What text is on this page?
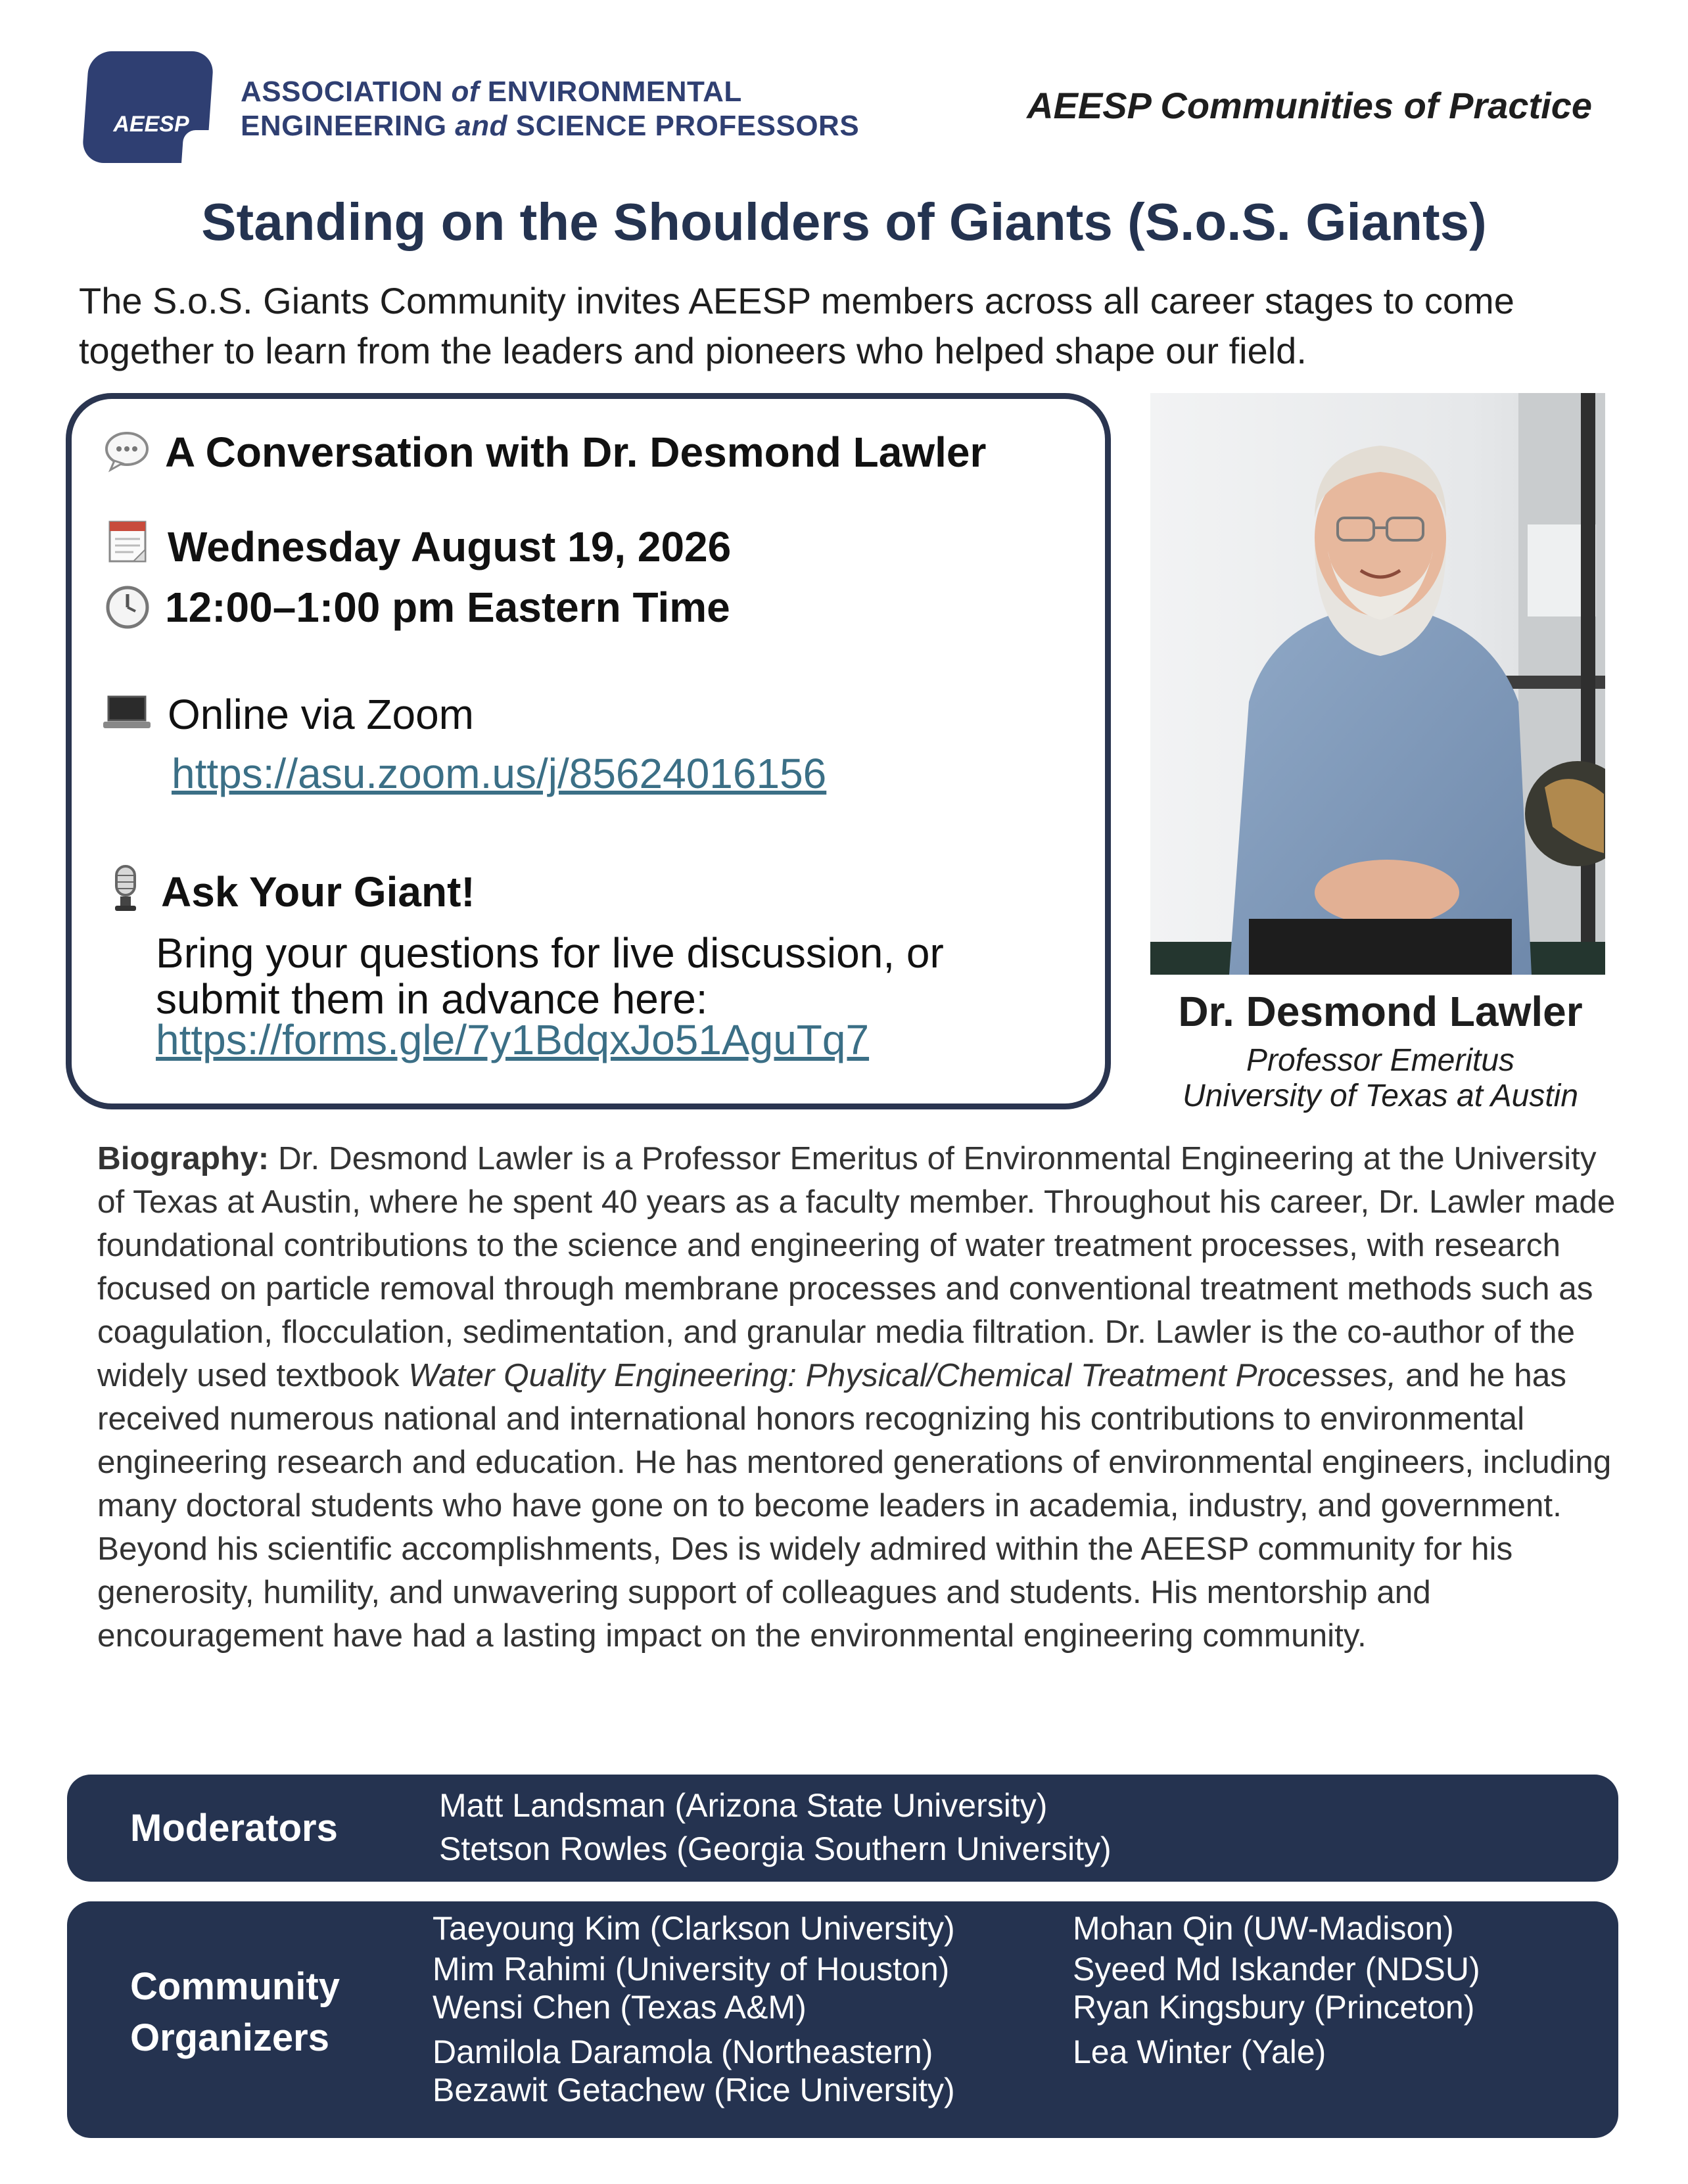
AEESP
ASSOCIATION of ENVIRONMENTAL
ENGINEERING and SCIENCE PROFESSORS	AEESP Communities of Practice
Standing on the Shoulders of Giants (S.o.S. Giants)
The S.o.S. Giants Community invites AEESP members across all career stages to come together to learn from the leaders and pioneers who helped shape our field.
A Conversation with Dr. Desmond Lawler
Wednesday August 19, 2026
12:00–1:00 pm Eastern Time
Online via Zoom
https://asu.zoom.us/j/85624016156
Ask Your Giant!
Bring your questions for live discussion, or
submit them in advance here:
https://forms.gle/7y1BdqxJo51AguTq7
Dr. Desmond Lawler
Professor Emeritus
University of Texas at Austin
Biography: Dr. Desmond Lawler is a Professor Emeritus of Environmental Engineering at the University of Texas at Austin, where he spent 40 years as a faculty member. Throughout his career, Dr. Lawler made foundational contributions to the science and engineering of water treatment processes, with research focused on particle removal through membrane processes and conventional treatment methods such as coagulation, flocculation, sedimentation, and granular media filtration. Dr. Lawler is the co-author of the widely used textbook Water Quality Engineering: Physical/Chemical Treatment Processes, and he has received numerous national and international honors recognizing his contributions to environmental engineering research and education. He has mentored generations of environmental engineers, including many doctoral students who have gone on to become leaders in academia, industry, and government. Beyond his scientific accomplishments, Des is widely admired within the AEESP community for his generosity, humility, and unwavering support of colleagues and students. His mentorship and encouragement have had a lasting impact on the environmental engineering community.
Moderators
Matt Landsman (Arizona State University)
Stetson Rowles (Georgia Southern University)
Community
Organizers
Taeyoung Kim (Clarkson University)
Mim Rahimi (University of Houston)
Wensi Chen (Texas A&M)
Damilola Daramola (Northeastern)
Bezawit Getachew (Rice University)
Mohan Qin (UW-Madison)
Syeed Md Iskander (NDSU)
Ryan Kingsbury (Princeton)
Lea Winter (Yale)
